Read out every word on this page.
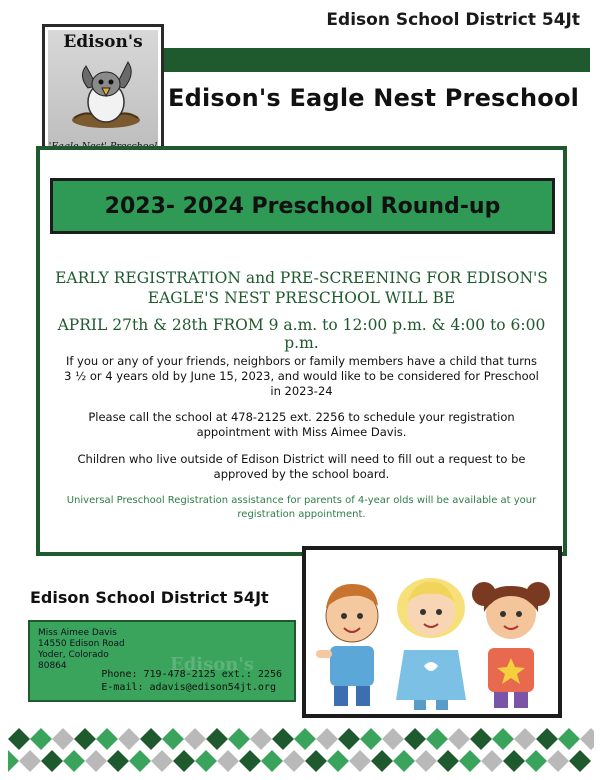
Edison School District 54Jt
Edison's
Edison's Eagle Nest Preschool
2023- 2024 Preschool Round-up
EARLY REGISTRATION and PRE-SCREENING FOR EDISON'S
EAGLE'S NEST PRESCHOOL WILL BE
APRIL 27th & 28th FROM 9 a.m. to 12:00 p.m. & 4:00 to 6:00 p.m.
If you or any of your friends, neighbors or family members have a child that turns 3 ½ or 4 years old by June 15, 2023, and would like to be considered for Preschool in 2023-24
Please call the school at 478-2125 ext. 2256 to schedule your registration appointment with Miss Aimee Davis.
Children who live outside of Edison District will need to fill out a request to be approved by the school board.
Universal Preschool Registration assistance for parents of 4-year olds will be available at your registration appointment.
Edison School District 54Jt
Edison's
Miss Aimee Davis
14550 Edison Road
Yoder, Colorado
80864
Phone: 719-478-2125 ext.: 2256
E-mail: adavis@edison54jt.org
